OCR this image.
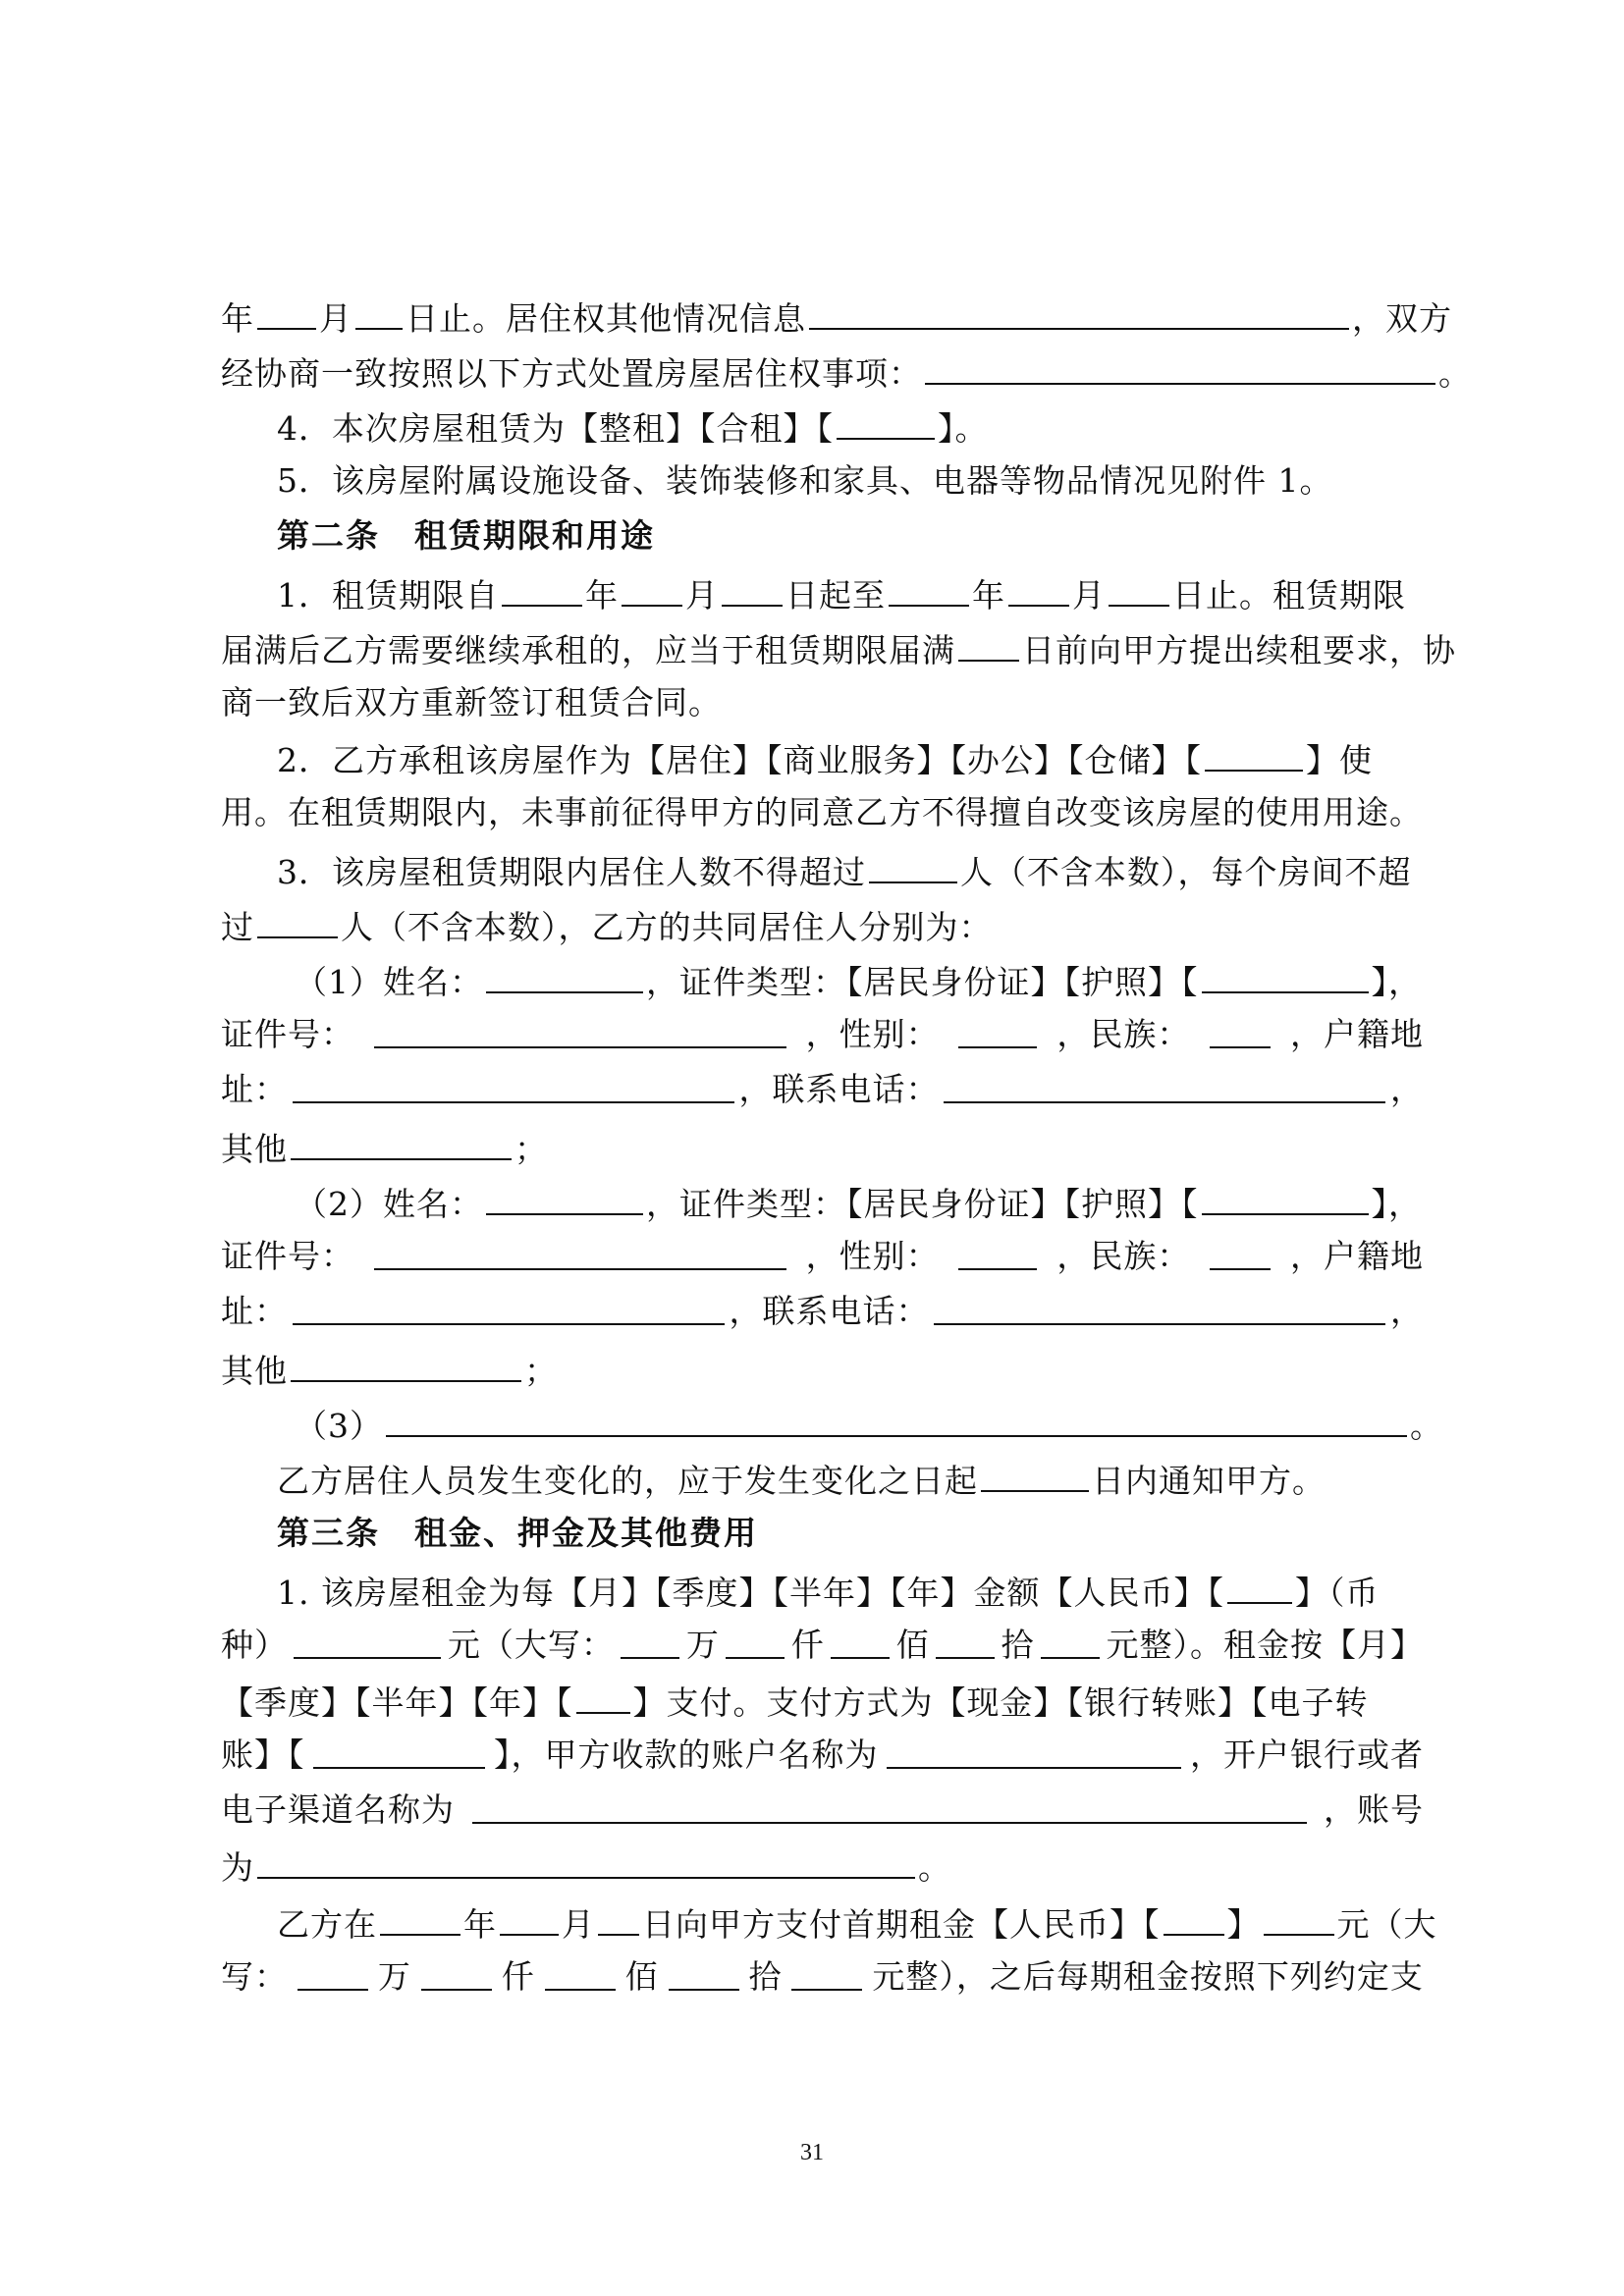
年 月 日止。居住权其他情况信息	，双方
经协商一致按照以下方式处置房屋居住权事项：	。
4．本次房屋租赁为【整租】【合租】【	】。
5．该房屋附属设施设备、装饰装修和家具、电器等物品情况见附件 1。
第二条　租赁期限和用途
1．租赁期限自	年 月 日起至	年 月 日止。租赁期限
届满后乙方需要继续承租的，应当于租赁期限届满 日前向甲方提出续租要求，协
商一致后双方重新签订租赁合同。
2．乙方承租该房屋作为【居住】【商业服务】【办公】【仓储】【	】使
用。在租赁期限内，未事前征得甲方的同意乙方不得擅自改变该房屋的使用用途。
3．该房屋租赁期限内居住人数不得超过	人（不含本数），每个房间不超
过	人（不含本数），乙方的共同居住人分别为：
（1）姓名：	，证件类型：【居民身份证】【护照】【	】，
证件号：	，性别：	，民族：	，户籍地
址：	，联系电话：	，
其他	；
（2）姓名：	，证件类型：【居民身份证】【护照】【	】，
证件号：	，性别：	，民族：	，户籍地
址：	，联系电话：	，
其他	；
（3）	。
乙方居住人员发生变化的，应于发生变化之日起	日内通知甲方。
第三条　租金、押金及其他费用
1. 该房屋租金为每【月】【季度】【半年】【年】金额【人民币】【 】（币
种）	元（大写： 万 仟 佰 拾 元整）。租金按【月】
【季度】【半年】【年】【 】支付。支付方式为【现金】【银行转账】【电子转
账】【	】，甲方收款的账户名称为	，开户银行或者
电子渠道名称为	，账号
为	。
乙方在	年 月 日向甲方支付首期租金【人民币】【 】 元（大
写：	万	仟	佰	拾	元整），之后每期租金按照下列约定支
31
